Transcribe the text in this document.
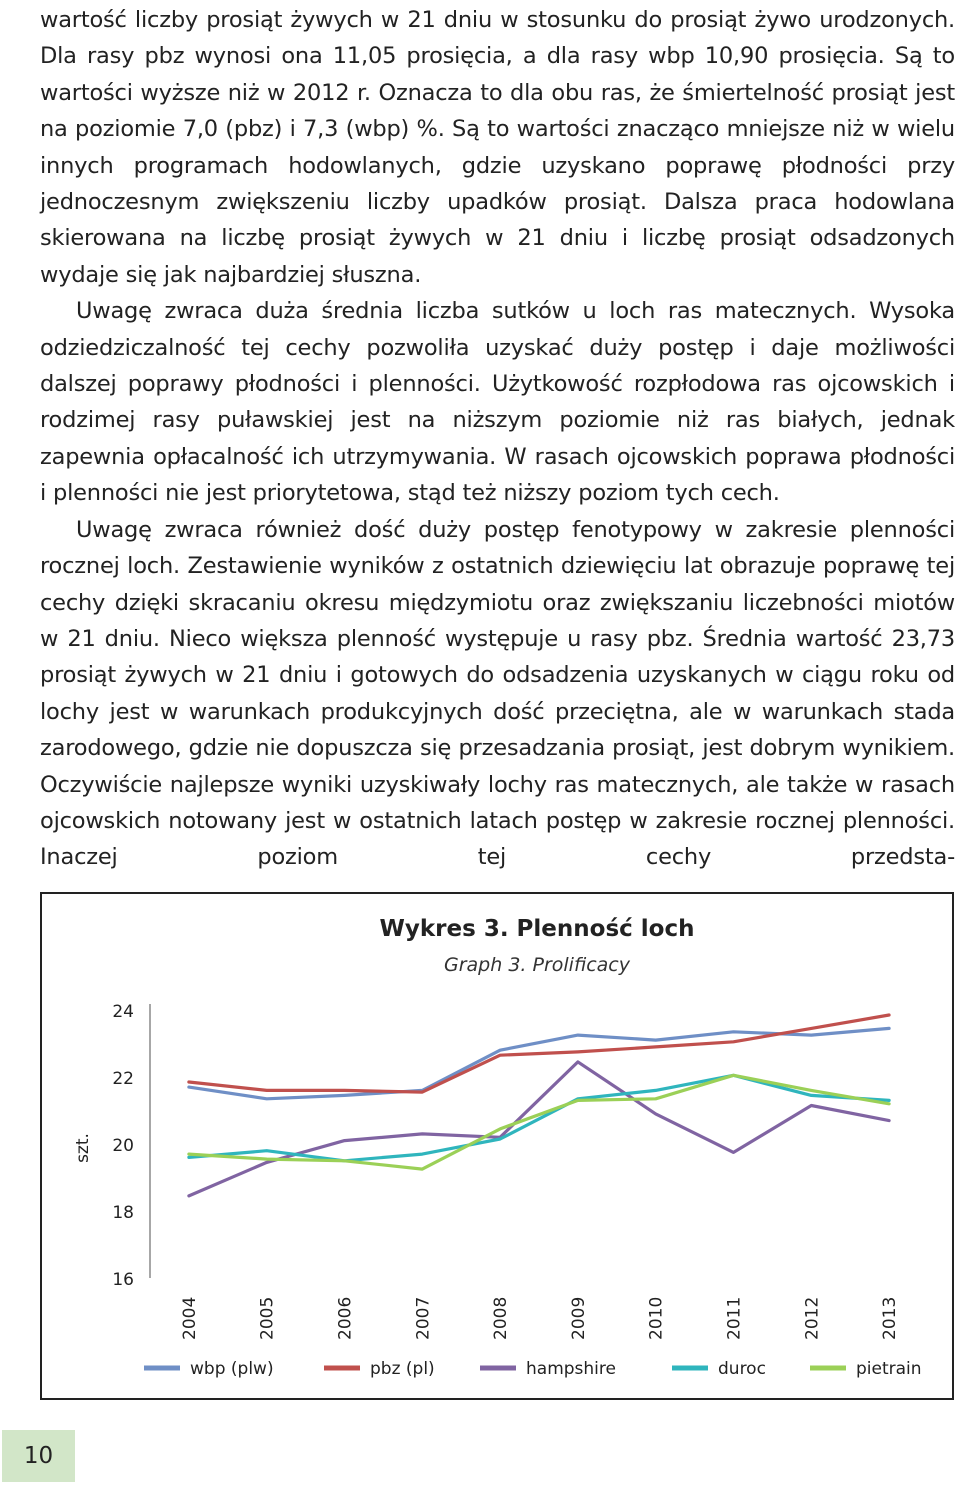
wartość liczby prosiąt żywych w 21 dniu w stosunku do prosiąt żywo urodzonych. Dla rasy pbz wynosi ona 11,05 prosięcia, a dla rasy wbp 10,90 prosięcia. Są to wartości wyższe niż w 2012 r. Oznacza to dla obu ras, że śmiertelność prosiąt jest na poziomie 7,0 (pbz) i 7,3 (wbp) %. Są to wartości znacząco mniejsze niż w wielu innych programach hodowlanych, gdzie uzyskano poprawę płodności przy jednoczesnym zwiększeniu liczby upadków prosiąt. Dalsza praca hodowlana skierowana na liczbę prosiąt żywych w 21 dniu i liczbę prosiąt odsadzonych wydaje się jak najbardziej słuszna.

Uwagę zwraca duża średnia liczba sutków u loch ras matecznych. Wysoka odziedziczalność tej cechy pozwoliła uzyskać duży postęp i daje możliwości dalszej poprawy płodności i plenności. Użytkowość rozpłodowa ras ojcowskich i rodzimej rasy puławskiej jest na niższym poziomie niż ras białych, jednak zapewnia opłacalność ich utrzymywania. W rasach ojcowskich poprawa płodności i plenności nie jest priorytetowa, stąd też niższy poziom tych cech.

Uwagę zwraca również dość duży postęp fenotypowy w zakresie plenności rocznej loch. Zestawienie wyników z ostatnich dziewięciu lat obrazuje poprawę tej cechy dzięki skracaniu okresu międzymiotu oraz zwiększaniu liczebności miotów w 21 dniu. Nieco większa plenność występuje u rasy pbz. Średnia wartość 23,73 prosiąt żywych w 21 dniu i gotowych do odsadzenia uzyskanych w ciągu roku od lochy jest w warunkach produkcyjnych dość przeciętna, ale w warunkach stada zarodowego, gdzie nie dopuszcza się przesadzania prosiąt, jest dobrym wynikiem. Oczywiście najlepsze wyniki uzyskiwały lochy ras matecznych, ale także w rasach ojcowskich notowany jest w ostatnich latach postęp w zakresie rocznej plenności. Inaczej poziom tej cechy przedsta-

Wykres 3. Plenność loch
Graph 3. Prolificacy
24
22
20
18
16
szt.
2004	2005	2006	2007	2008	2009	2010	2011	2012	2013
wbp (plw)	pbz (pl)	hampshire	duroc	pietrain
10
